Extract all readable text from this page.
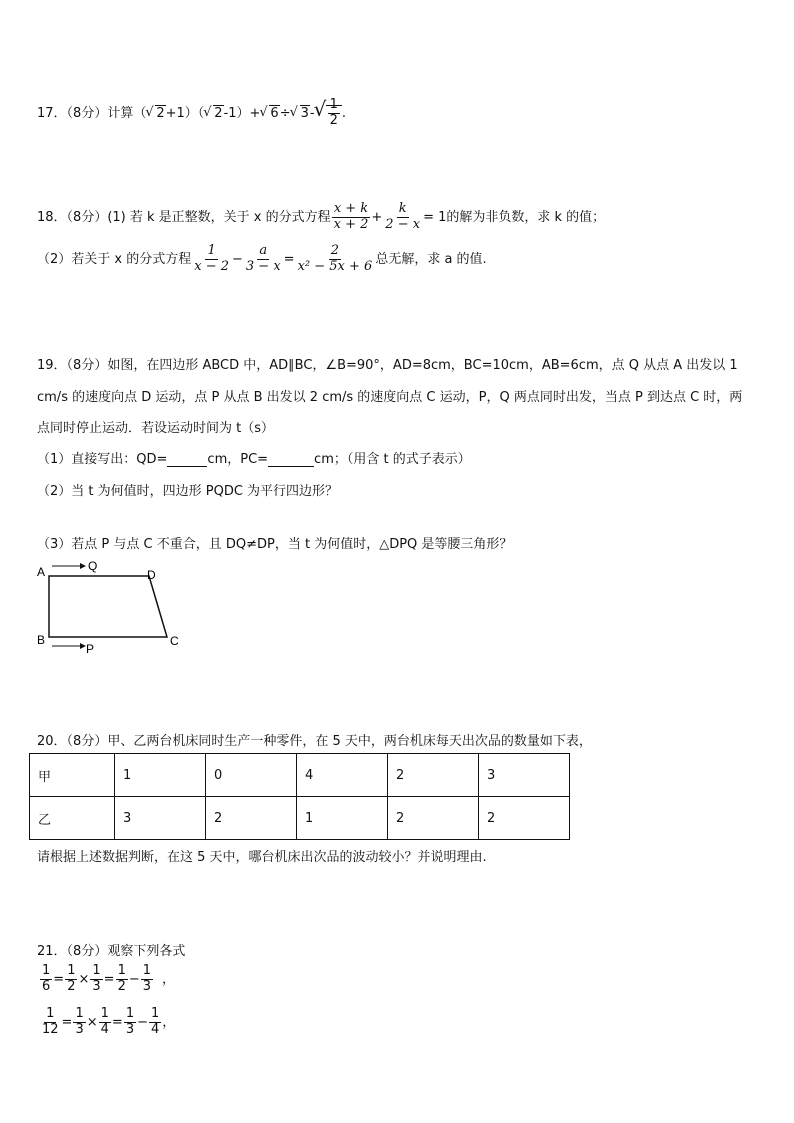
17．（8分）计算（ √ 2+1）（ √ 2-1）+ √ 6÷ √ 3- √ $\frac{1}{2}$ .
18．（8分）(1) 若 k 是正整数，关于 x 的分式方程 $\frac{x + k}{x + 2} + \frac{k}{2 - x} = 1$的解为非负数，求 k 的值；
（2）若关于 x 的分式方程 $\frac{1}{x - 2} - \frac{a}{3 - x} = \frac{2}{\text{x² − 5x + 6}}$ 总无解，求 a 的值.
19．（8分）如图，在四边形 ABCD 中，AD∥BC，∠B=90°，AD=8cm，BC=10cm，AB=6cm，点 Q 从点 A 出发以 1
cm/s 的速度向点 D 运动，点 P 从点 B 出发以 2 cm/s 的速度向点 C 运动，P，Q 两点同时出发，当点 P 到达点 C 时，两
点同时停止运动．若设运动时间为 t（s）
（1）直接写出：QD=	cm，PC=	cm；（用含 t 的式子表示）
（2）当 t 为何值时，四边形 PQDC 为平行四边形？
（3）若点 P 与点 C 不重合，且 DQ≠DP，当 t 为何值时，△DPQ 是等腰三角形？
A	Q
D
B
P
C
20．（8分）甲、乙两台机床同时生产一种零件，在 5 天中，两台机床每天出次品的数量如下表，
甲	1	0	4	2	3
乙	3	2	1	2	2
请根据上述数据判断，在这 5 天中，哪台机床出次品的波动较小？并说明理由.
21．（8分）观察下列各式
$\frac{1}{6} = \frac{1}{2} \times \frac{1}{3} = \frac{1}{2} - \frac{1}{3}$ ，
$\frac{1}{12} = \frac{1}{3} \times \frac{1}{4} = \frac{1}{3} - \frac{1}{4}$ ，
